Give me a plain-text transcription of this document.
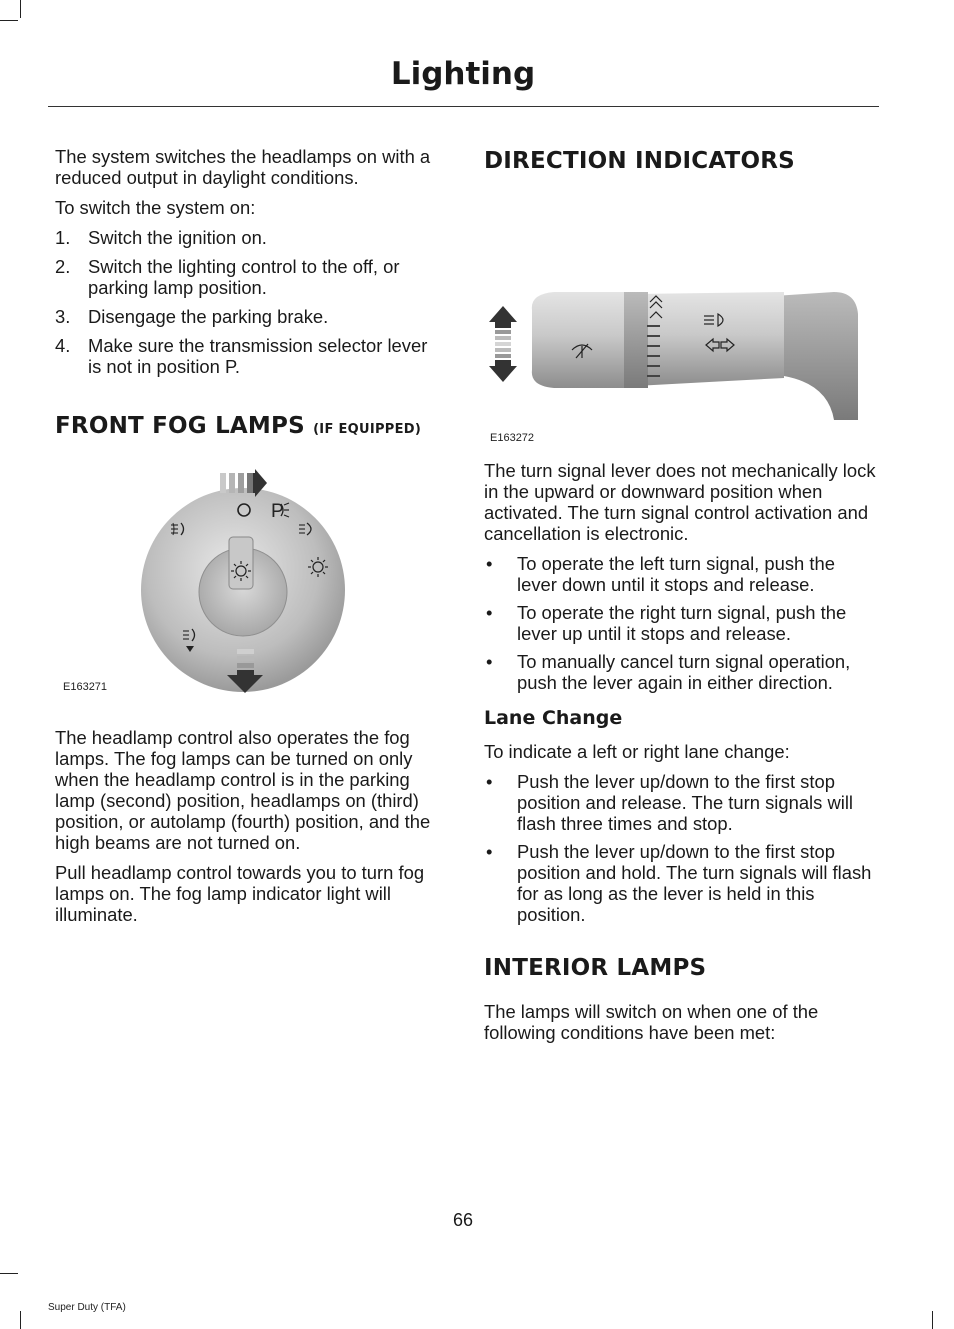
Lighting

The system switches the headlamps on with a reduced output in daylight conditions.

To switch the system on:

1. Switch the ignition on.
2. Switch the lighting control to the off, or parking lamp position.
3. Disengage the parking brake.
4. Make sure the transmission selector lever is not in position P.
FRONT FOG LAMPS (IF EQUIPPED)
P
E163271

The headlamp control also operates the fog lamps. The fog lamps can be turned on only when the headlamp control is in the parking lamp (second) position, headlamps on (third) position, or autolamp (fourth) position, and the high beams are not turned on.

Pull headlamp control towards you to turn fog lamps on. The fog lamp indicator light will illuminate.

DIRECTION INDICATORS
E163272

The turn signal lever does not mechanically lock in the upward or downward position when activated. The turn signal control activation and cancellation is electronic.

• To operate the left turn signal, push the lever down until it stops and release.
• To operate the right turn signal, push the lever up until it stops and release.
• To manually cancel turn signal operation, push the lever again in either direction.
Lane Change

To indicate a left or right lane change:

• Push the lever up/down to the first stop position and release. The turn signals will flash three times and stop.
• Push the lever up/down to the first stop position and hold. The turn signals will flash for as long as the lever is held in this position.
INTERIOR LAMPS

The lamps will switch on when one of the following conditions have been met:

66
Super Duty (TFA)
